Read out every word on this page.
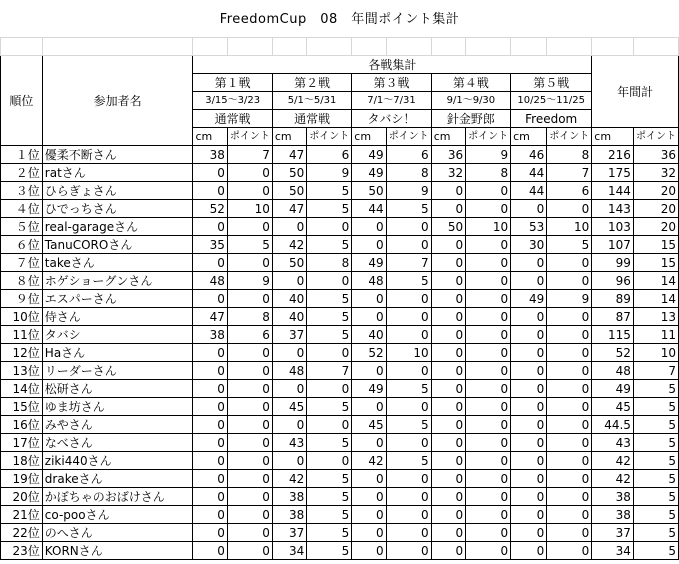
FreedomCup　08　年間ポイント集計

順位	参加者名	各戦集計										年間計	
		第１戦		第２戦		第３戦		第４戦		第５戦			
		3/15～3/23		5/1～5/31		7/1～7/31		9/1～9/30		10/25～11/25			
		通常戦		通常戦		タバシ！		針金野郎		Freedom			
		cm	ポイント	cm	ポイント	cm	ポイント	cm	ポイント	cm	ポイント	cm	ポイント
１位	優柔不断さん	38	7	47	6	49	6	36	9	46	8	216	36
２位	ratさん	0	0	50	9	49	8	32	8	44	7	175	32
３位	ひらぎょさん	0	0	50	5	50	9	0	0	44	6	144	20
４位	ひでっちさん	52	10	47	5	44	5	0	0	0	0	143	20
５位	real-garageさん	0	0	0	0	0	0	50	10	53	10	103	20
６位	TanuCOROさん	35	5	42	5	0	0	0	0	30	5	107	15
７位	takeさん	0	0	50	8	49	7	0	0	0	0	99	15
８位	ホゲショーグンさん	48	9	0	0	48	5	0	0	0	0	96	14
９位	エスパーさん	0	0	40	5	0	0	0	0	49	9	89	14
10位	侍さん	47	8	40	5	0	0	0	0	0	0	87	13
11位	タバシ	38	6	37	5	40	0	0	0	0	0	115	11
12位	Haさん	0	0	0	0	52	10	0	0	0	0	52	10
13位	リーダーさん	0	0	48	7	0	0	0	0	0	0	48	7
14位	松研さん	0	0	0	0	49	5	0	0	0	0	49	5
15位	ゆま坊さん	0	0	45	5	0	0	0	0	0	0	45	5
16位	みやさん	0	0	0	0	45	5	0	0	0	0	44.5	5
17位	なべさん	0	0	43	5	0	0	0	0	0	0	43	5
18位	ziki440さん	0	0	0	0	42	5	0	0	0	0	42	5
19位	drakeさん	0	0	42	5	0	0	0	0	0	0	42	5
20位	かぼちゃのおばけさん	0	0	38	5	0	0	0	0	0	0	38	5
21位	co-pooさん	0	0	38	5	0	0	0	0	0	0	38	5
22位	のへさん	0	0	37	5	0	0	0	0	0	0	37	5
23位	KORNさん	0	0	34	5	0	0	0	0	0	0	34	5
